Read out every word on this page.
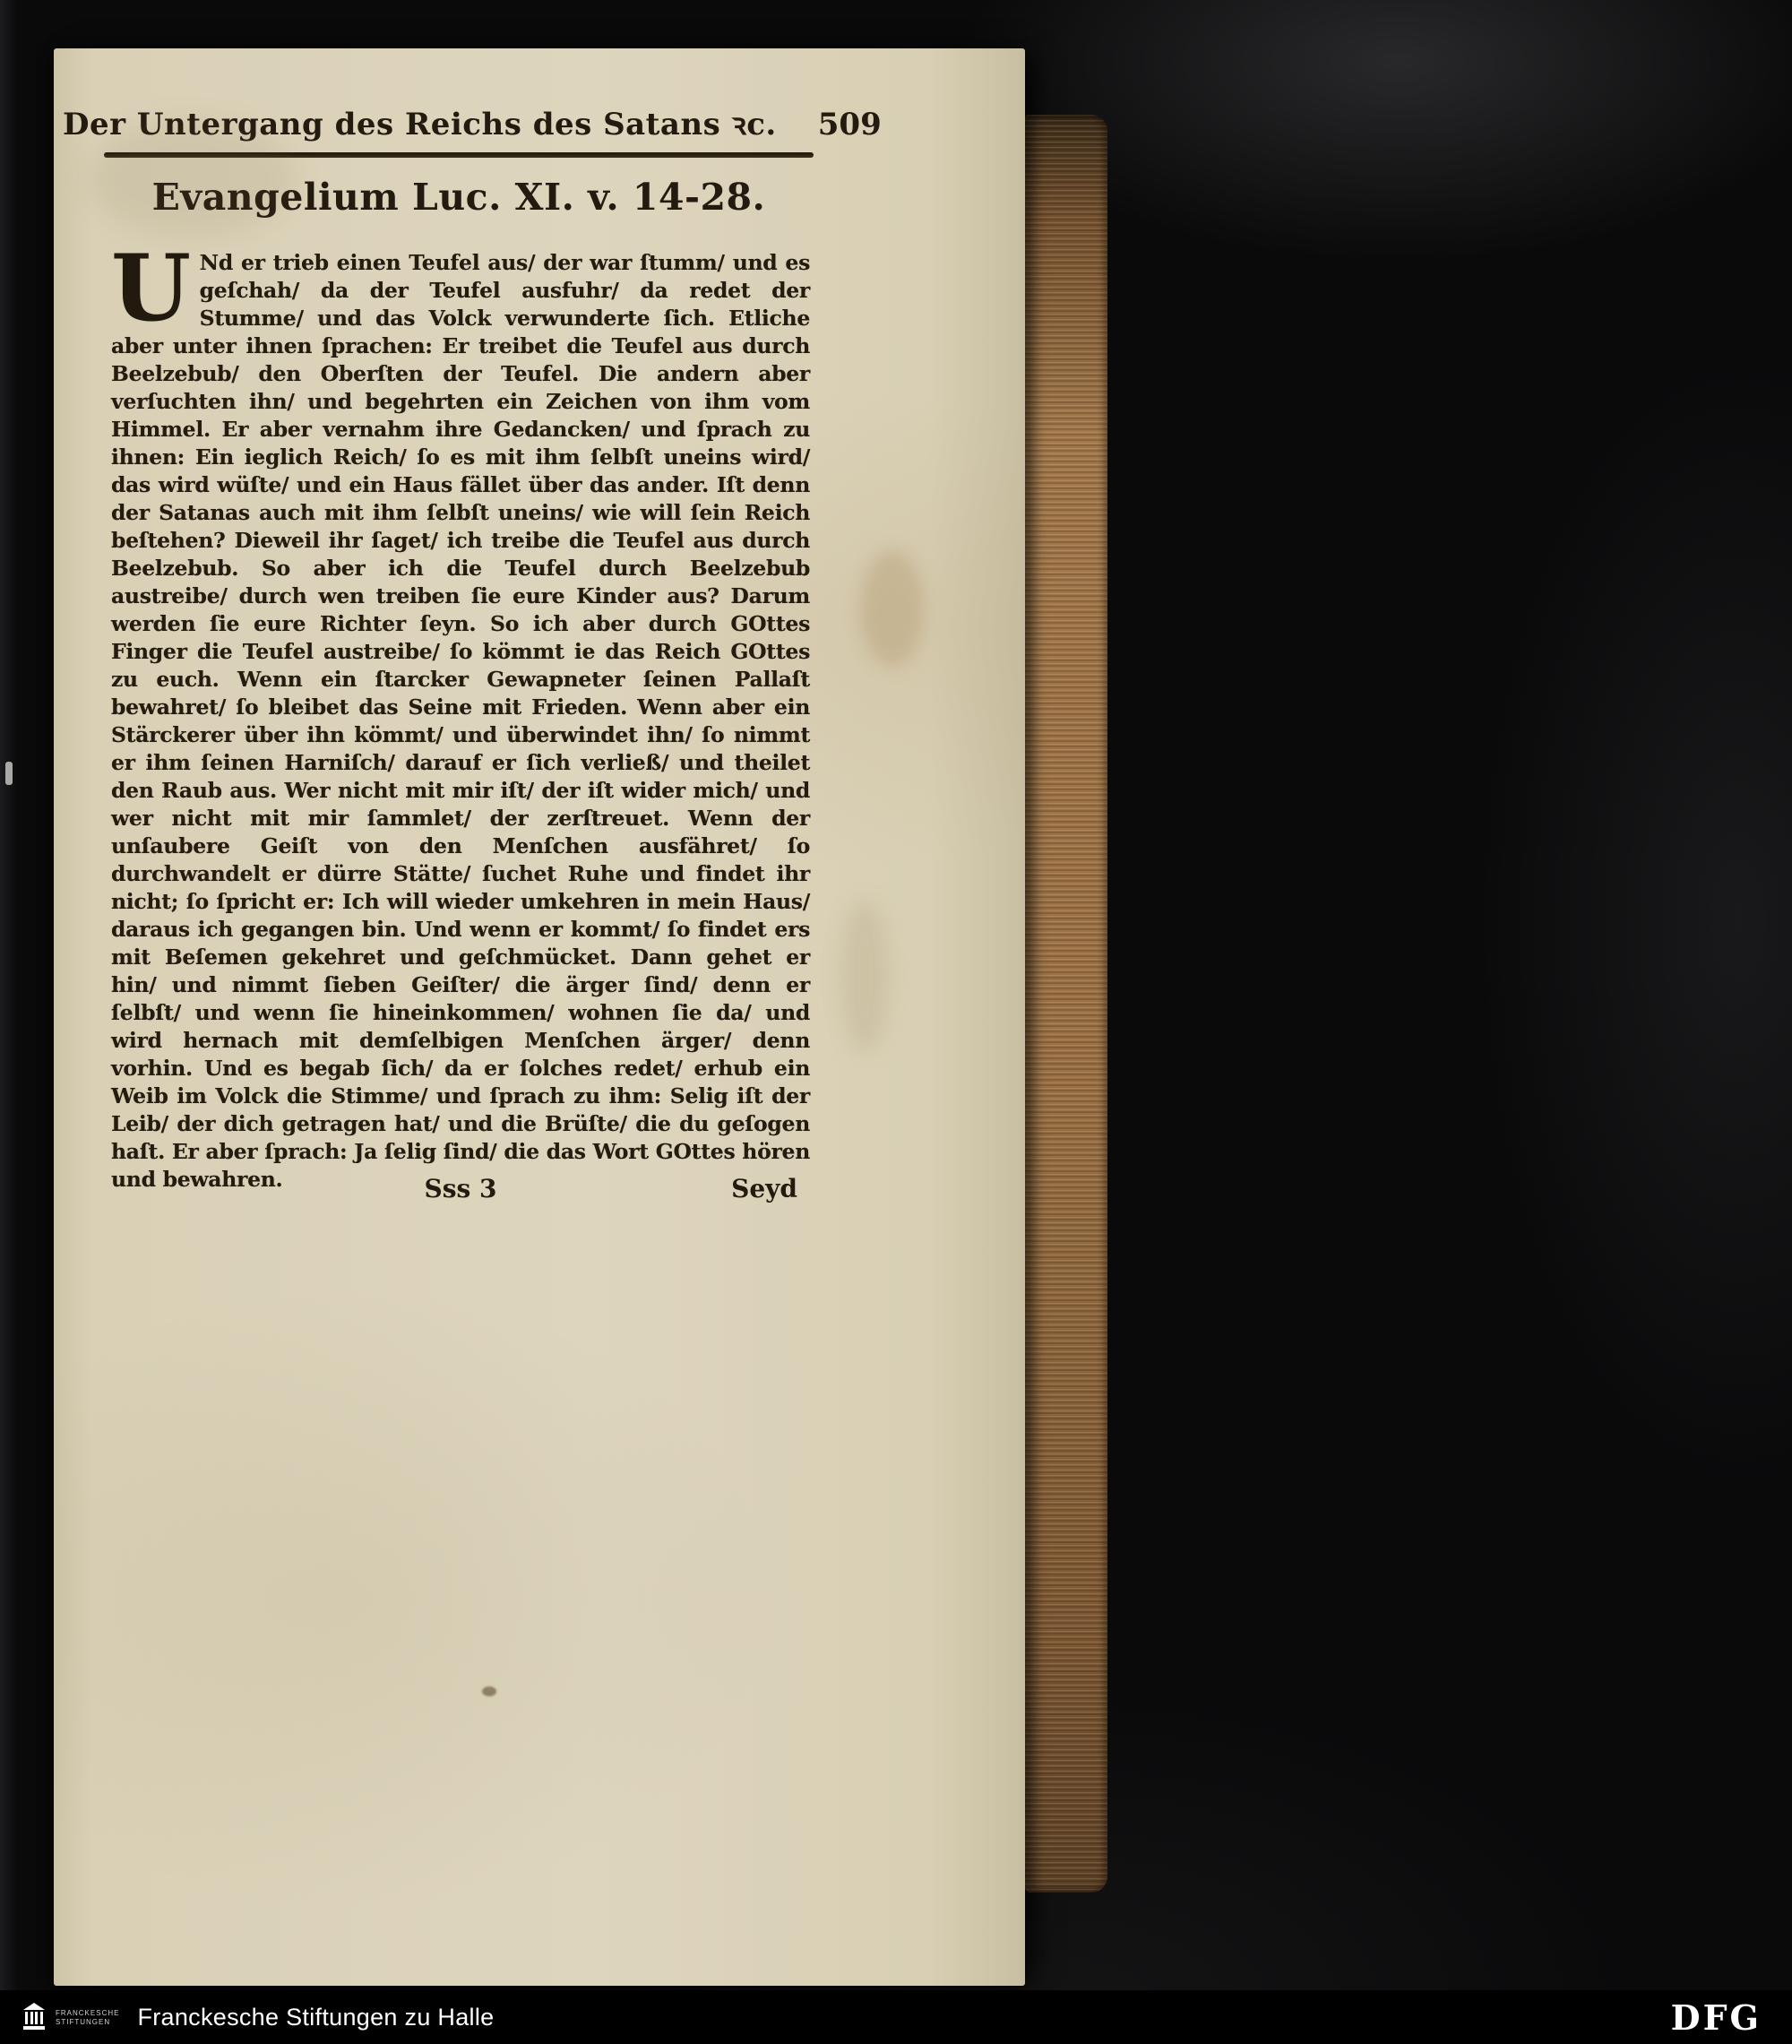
Der Untergang des Reichs des Satans ꝛc. 509
Evangelium Luc. XI. v. 14-28.
U Nd er trieb einen Teufel aus/ der war ſtumm/ und es geſchah/ da der Teufel ausfuhr/ da redet der Stumme/ und das Volck verwunderte ſich. Etliche aber unter ihnen ſprachen: Er treibet die Teufel aus durch Beelzebub/ den Oberſten der Teufel. Die andern aber verſuchten ihn/ und begehrten ein Zeichen von ihm vom Himmel. Er aber vernahm ihre Gedancken/ und ſprach zu ihnen: Ein ieglich Reich/ ſo es mit ihm ſelbſt uneins wird/ das wird wüſte/ und ein Haus fället über das ander. Iſt denn der Satanas auch mit ihm ſelbſt uneins/ wie will ſein Reich beſtehen? Dieweil ihr ſaget/ ich treibe die Teufel aus durch Beelzebub. So aber ich die Teufel durch Beelzebub austreibe/ durch wen treiben ſie eure Kinder aus? Darum werden ſie eure Richter ſeyn. So ich aber durch GOttes Finger die Teufel austreibe/ ſo kömmt ie das Reich GOttes zu euch. Wenn ein ſtarcker Gewapneter ſeinen Pallaſt bewahret/ ſo bleibet das Seine mit Frieden. Wenn aber ein Stärckerer über ihn kömmt/ und überwindet ihn/ ſo nimmt er ihm ſeinen Harniſch/ darauf er ſich verließ/ und theilet den Raub aus. Wer nicht mit mir iſt/ der iſt wider mich/ und wer nicht mit mir ſammlet/ der zerſtreuet. Wenn der unſaubere Geiſt von den Menſchen ausfähret/ ſo durchwandelt er dürre Stätte/ ſuchet Ruhe und findet ihr nicht; ſo ſpricht er: Ich will wieder umkehren in mein Haus/ daraus ich gegangen bin. Und wenn er kommt/ ſo findet ers mit Beſemen gekehret und geſchmücket. Dann gehet er hin/ und nimmt ſieben Geiſter/ die ärger ſind/ denn er ſelbſt/ und wenn ſie hineinkommen/ wohnen ſie da/ und wird hernach mit demſelbigen Menſchen ärger/ denn vorhin. Und es begab ſich/ da er ſolches redet/ erhub ein Weib im Volck die Stimme/ und ſprach zu ihm: Selig iſt der Leib/ der dich getragen hat/ und die Brüſte/ die du geſogen haſt. Er aber ſprach: Ja ſelig ſind/ die das Wort GOttes hören und bewahren.	Sss 3	Seyd
FRANCKESCHE
STIFTUNGEN	Franckesche Stiftungen zu Halle	DFG
